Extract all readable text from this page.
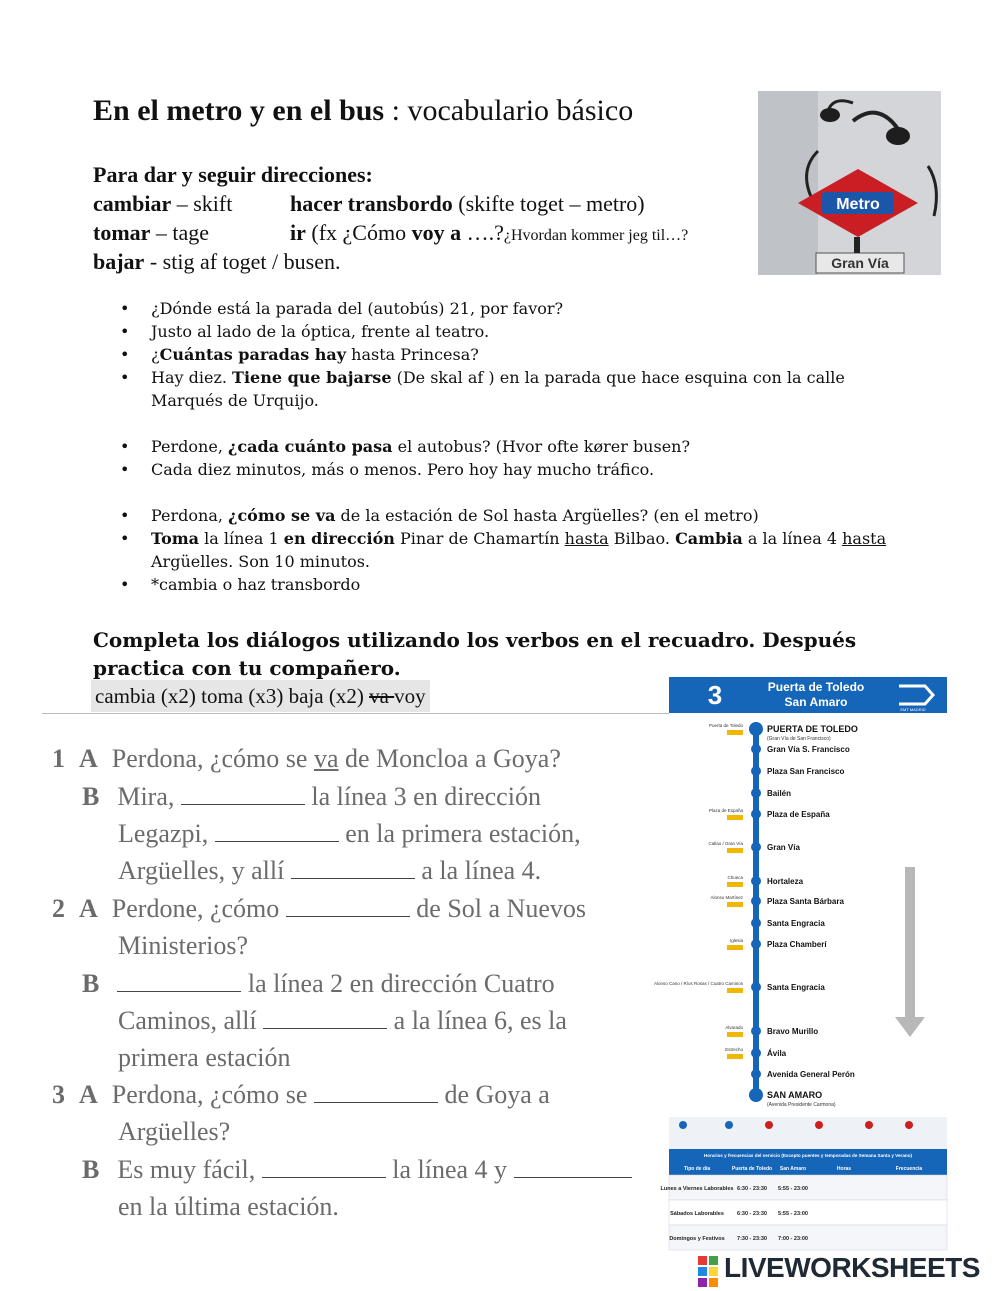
En el metro y en el bus : vocabulario básico
Para dar y seguir direcciones:
cambiar – skift	hacer transbordo (skifte toget – metro)
tomar – tage	ir (fx ¿Cómo voy a ….?¿Hvordan kommer jeg til…?
bajar - stig af toget / busen.
Metro
Gran Vía
• ¿Dónde está la parada del (autobús) 21, por favor?
• Justo al lado de la óptica, frente al teatro.
• ¿Cuántas paradas hay hasta Princesa?
• Hay diez. Tiene que bajarse (De skal af ) en la parada que hace esquina con la calle Marqués de Urquijo.
• Perdone, ¿cada cuánto pasa el autobus? (Hvor ofte kører busen?
• Cada diez minutos, más o menos. Pero hoy hay mucho tráfico.
• Perdona, ¿cómo se va de la estación de Sol hasta Argüelles? (en el metro)
• Toma la línea 1 en dirección Pinar de Chamartín hasta Bilbao. Cambia a la línea 4 hasta Argüelles. Son 10 minutos.
• *cambia o haz transbordo
Completa los diálogos utilizando los verbos en el recuadro. Después practica con tu compañero.
cambia (x2) toma (x3) baja (x2) va voy
1 A Perdona, ¿cómo se va de Moncloa a Goya?
B Mira,	la línea 3 en dirección
Legazpi,	en la primera estación,
Argüelles, y allí	a la línea 4.
2 A Perdone, ¿cómo	de Sol a Nuevos
Ministerios?
B	la línea 2 en dirección Cuatro
Caminos, allí	a la línea 6, es la
primera estación
3 A Perdona, ¿cómo se	de Goya a
Argüelles?
B Es muy fácil,	la línea 4 y
en la última estación.
3	Puerta de Toledo
San Amaro
EMT MADRID
PUERTA DE TOLEDO
(Gran Vía de San Francisco)
Puerta de Toledo
Gran Vía S. Francisco
Plaza San Francisco
Bailén
Plaza de España
Plaza de España
Gran Vía
Callao / Gran Vía
Hortaleza
Chueca
Plaza Santa Bárbara
Alonso Martínez
Santa Engracia
Plaza Chamberí
Iglesia
Santa Engracia
Alonso Cano / Ríos Rosas / Cuatro Caminos
Bravo Murillo
Alvarado
Ávila
Estrecho
Avenida General Perón
SAN AMARO
(Avenida Presidente Carmona)
Horarios y frecuencias del servicio (Excepto puentes y temporadas de Semana Santa y Verano)
Tipo de día	Puerta de Toledo San Amaro	Horas	Frecuencia
Lunes a Viernes Laborables 6:30 - 23:30 5:55 - 23:00
Sábados Laborables 6:30 - 23:30 5:55 - 23:00
Domingos y Festivos 7:30 - 23:30 7:00 - 23:00
LIVEWORKSHEETS
